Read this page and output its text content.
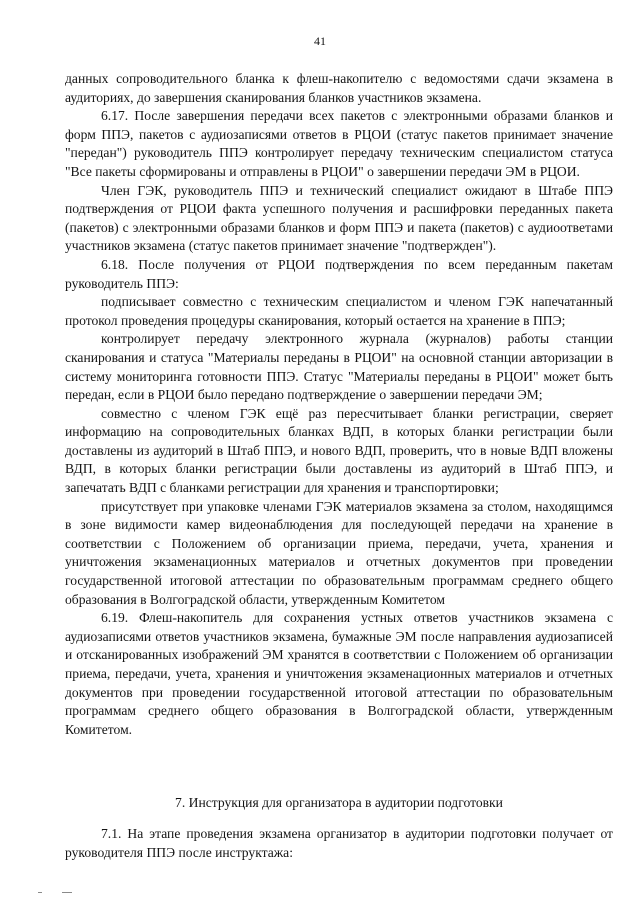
41

данных сопроводительного бланка к флеш-накопителю с ведомостями сдачи экзамена в аудиториях, до завершения сканирования бланков участников экзамена.

6.17. После завершения передачи всех пакетов с электронными образами бланков и форм ППЭ, пакетов с аудиозаписями ответов в РЦОИ (статус пакетов принимает значение "передан") руководитель ППЭ контролирует передачу техническим специалистом статуса "Все пакеты сформированы и отправлены в РЦОИ" о завершении передачи ЭМ в РЦОИ.

Член ГЭК, руководитель ППЭ и технический специалист ожидают в Штабе ППЭ подтверждения от РЦОИ факта успешного получения и расшифровки переданных пакета (пакетов) с электронными образами бланков и форм ППЭ и пакета (пакетов) с аудиоответами участников экзамена (статус пакетов принимает значение "подтвержден").

6.18. После получения от РЦОИ подтверждения по всем переданным пакетам руководитель ППЭ:

подписывает совместно с техническим специалистом и членом ГЭК напечатанный протокол проведения процедуры сканирования, который остается на хранение в ППЭ;

контролирует передачу электронного журнала (журналов) работы станции сканирования и статуса "Материалы переданы в РЦОИ" на основной станции авторизации в систему мониторинга готовности ППЭ. Статус "Материалы переданы в РЦОИ" может быть передан, если в РЦОИ было передано подтверждение о завершении передачи ЭМ;

совместно с членом ГЭК ещё раз пересчитывает бланки регистрации, сверяет информацию на сопроводительных бланках ВДП, в которых бланки регистрации были доставлены из аудиторий в Штаб ППЭ, и нового ВДП, проверить, что в новые ВДП вложены ВДП, в которых бланки регистрации были доставлены из аудиторий в Штаб ППЭ, и запечатать ВДП с бланками регистрации для хранения и транспортировки;

присутствует при упаковке членами ГЭК материалов экзамена за столом, находящимся в зоне видимости камер видеонаблюдения для последующей передачи на хранение в соответствии с Положением об организации приема, передачи, учета, хранения и уничтожения экзаменационных материалов и отчетных документов при проведении государственной итоговой аттестации по образовательным программам среднего общего образования в Волгоградской области, утвержденным Комитетом

6.19. Флеш-накопитель для сохранения устных ответов участников экзамена с аудиозаписями ответов участников экзамена, бумажные ЭМ после направления аудиозаписей и отсканированных изображений ЭМ хранятся в соответствии с Положением об организации приема, передачи, учета, хранения и уничтожения экзаменационных материалов и отчетных документов при проведении государственной итоговой аттестации по образовательным программам среднего общего образования в Волгоградской области, утвержденным Комитетом.

7. Инструкция для организатора в аудитории подготовки

7.1. На этапе проведения экзамена организатор в аудитории подготовки получает от руководителя ППЭ после инструктажа:
